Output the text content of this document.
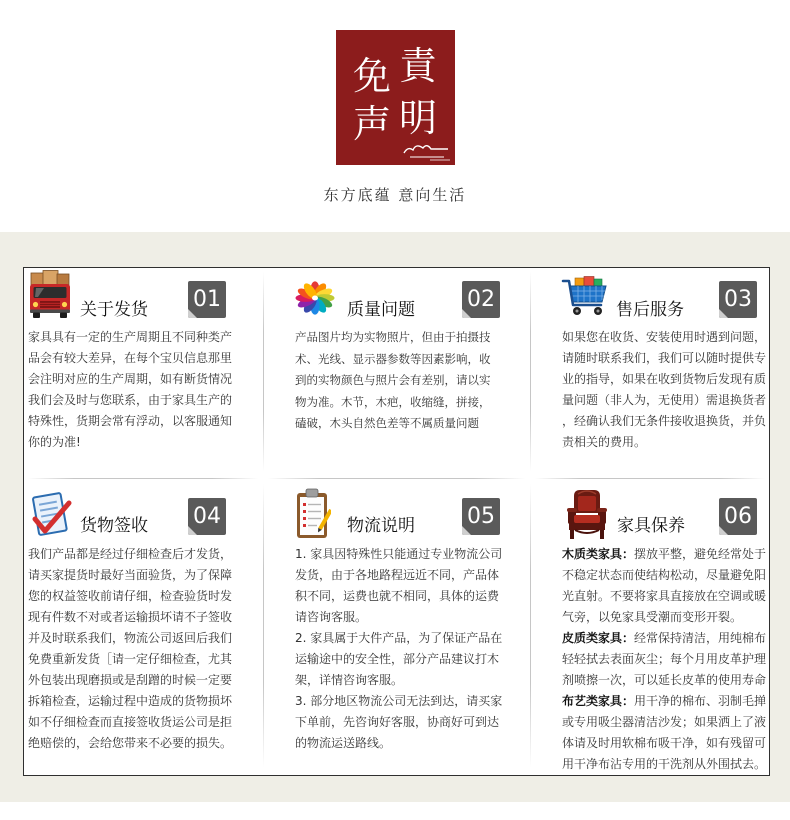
免 責
声 明
东方底蕴 意向生活
关于发货 01
家具具有一定的生产周期且不同种类产
品会有较大差异，在每个宝贝信息那里
会注明对应的生产周期，如有断货情况
我们会及时与您联系，由于家具生产的
特殊性，货期会常有浮动，以客服通知
你的为准!
质量问题 02
产品图片均为实物照片，但由于拍摄技
术、光线、显示器参数等因素影响，收
到的实物颜色与照片会有差别，请以实
物为准。木节，木疤，收缩缝，拼接，
磕破，木头自然色差等不属质量问题
售后服务 03
如果您在收货、安装使用时遇到问题，
请随时联系我们，我们可以随时提供专
业的指导，如果在收到货物后发现有质
量问题（非人为，无使用）需退换货者
，经确认我们无条件接收退换货，并负
责相关的费用。
货物签收 04
我们产品都是经过仔细检查后才发货，
请买家提货时最好当面验货，为了保障
您的权益签收前请仔细，检查验货时发
现有件数不对或者运输损坏请不子签收
并及时联系我们，物流公司返回后我们
免费重新发货［请一定仔细检查，尤其
外包装出现磨损或是刮蹭的时候一定要
拆箱检查，运输过程中造成的货物损坏
如不仔细检查而直接签收货运公司是拒
绝赔偿的，会给您带来不必要的损失。
物流说明 05
1. 家具因特殊性只能通过专业物流公司
发货，由于各地路程远近不同，产品体
积不同，运费也就不相同，具体的运费
请咨询客服。
2. 家具属于大件产品，为了保证产品在
运输途中的安全性，部分产品建议打木
架，详情咨询客服。
3. 部分地区物流公司无法到达，请买家
下单前，先咨询好客服，协商好可到达
的物流运送路线。
家具保养 06
木质类家具：摆放平整，避免经常处于
不稳定状态而使结构松动，尽量避免阳
光直射。不要将家具直接放在空调或暖
气旁，以免家具受潮而变形开裂。
皮质类家具：经常保持清洁，用纯棉布
轻轻拭去表面灰尘；每个月用皮革护理
剂喷擦一次，可以延长皮革的使用寿命
布艺类家具：用干净的棉布、羽制毛掸
或专用吸尘器清洁沙发；如果洒上了液
体请及时用软棉布吸干净，如有残留可
用干净布沾专用的干洗剂从外围拭去。
